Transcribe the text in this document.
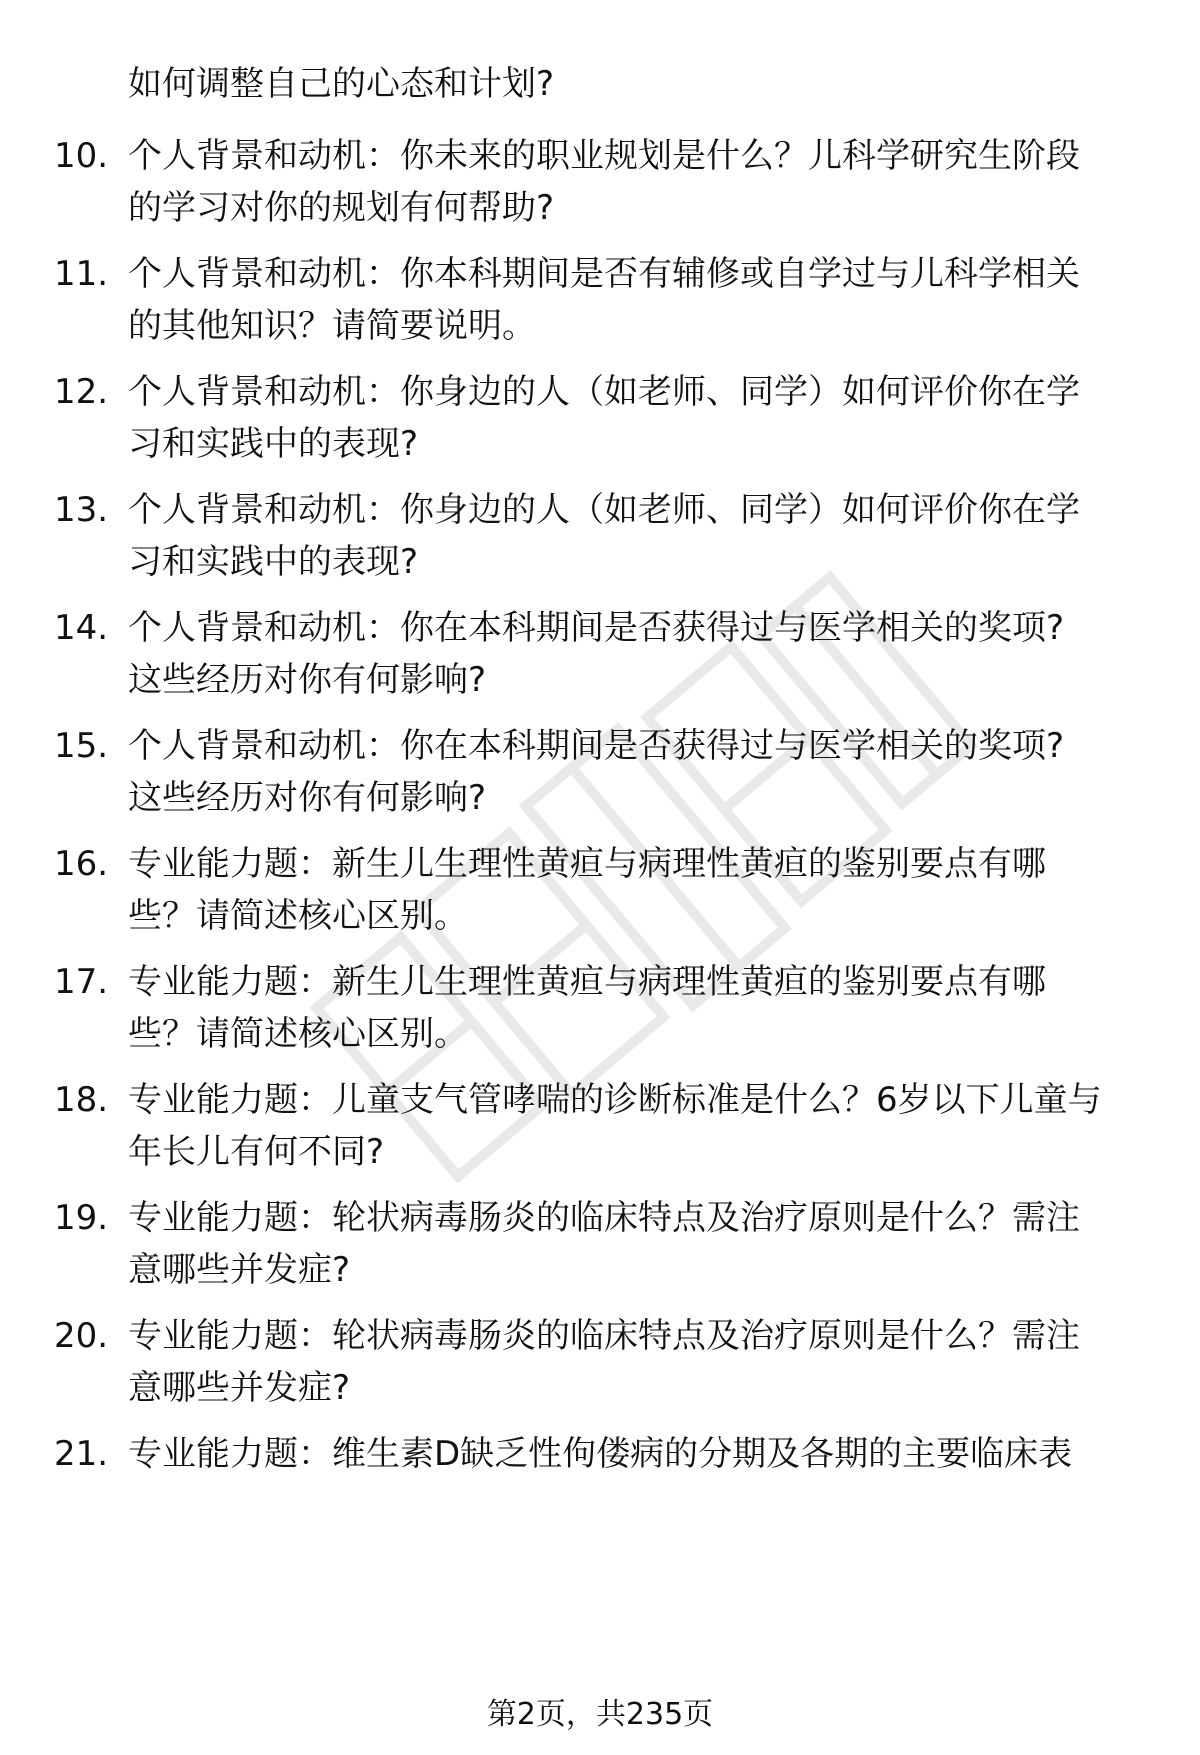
如何调整自己的心态和计划?
10. 个人背景和动机：你未来的职业规划是什么？儿科学研究生阶段
的学习对你的规划有何帮助?
11. 个人背景和动机：你本科期间是否有辅修或自学过与儿科学相关
的其他知识？请简要说明。
12. 个人背景和动机：你身边的人（如老师、同学）如何评价你在学
习和实践中的表现?
13. 个人背景和动机：你身边的人（如老师、同学）如何评价你在学
习和实践中的表现?
14. 个人背景和动机：你在本科期间是否获得过与医学相关的奖项?
这些经历对你有何影响?
15. 个人背景和动机：你在本科期间是否获得过与医学相关的奖项?
这些经历对你有何影响?
16. 专业能力题：新生儿生理性黄疸与病理性黄疸的鉴别要点有哪
些？请简述核心区别。
17. 专业能力题：新生儿生理性黄疸与病理性黄疸的鉴别要点有哪
些？请简述核心区别。
18. 专业能力题：儿童支气管哮喘的诊断标准是什么？6岁以下儿童与
年长儿有何不同?
19. 专业能力题：轮状病毒肠炎的临床特点及治疗原则是什么？需注
意哪些并发症?
20. 专业能力题：轮状病毒肠炎的临床特点及治疗原则是什么？需注
意哪些并发症?
21. 专业能力题：维生素D缺乏性佝偻病的分期及各期的主要临床表
第2页，共235页
